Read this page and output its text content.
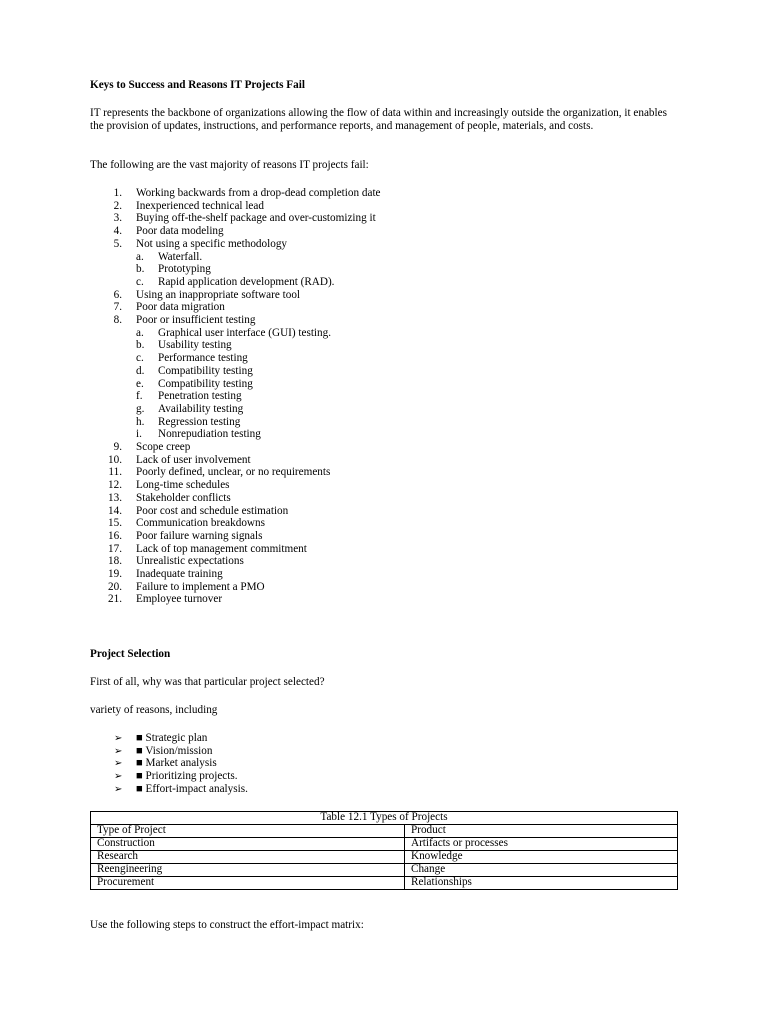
Keys to Success and Reasons IT Projects Fail
IT represents the backbone of organizations allowing the flow of data within and increasingly outside the organization, it enables the provision of updates, instructions, and performance reports, and management of people, materials, and costs.
The following are the vast majority of reasons IT projects fail:
1. Working backwards from a drop-dead completion date
2. Inexperienced technical lead
3. Buying off-the-shelf package and over-customizing it
4. Poor data modeling
5. Not using a specific methodology
a. Waterfall.
b. Prototyping
c. Rapid application development (RAD).
6. Using an inappropriate software tool
7. Poor data migration
8. Poor or insufficient testing
a. Graphical user interface (GUI) testing.
b. Usability testing
c. Performance testing
d. Compatibility testing
e. Compatibility testing
f.	Penetration testing
g. Availability testing
h. Regression testing
i.	Nonrepudiation testing
9. Scope creep
10. Lack of user involvement
11. Poorly defined, unclear, or no requirements
12. Long-time schedules
13. Stakeholder conflicts
14. Poor cost and schedule estimation
15. Communication breakdowns
16. Poor failure warning signals
17. Lack of top management commitment
18. Unrealistic expectations
19. Inadequate training
20. Failure to implement a PMO
21. Employee turnover
Project Selection
First of all, why was that particular project selected?
variety of reasons, including
➢ ■ Strategic plan
➢ ■ Vision/mission
➢ ■ Market analysis
➢ ■ Prioritizing projects.
➢ ■ Effort-impact analysis.
Table 12.1 Types of Projects	
Type of Project	Product
Construction	Artifacts or processes
Research	Knowledge
Reengineering	Change
Procurement	Relationships
Use the following steps to construct the effort-impact matrix:
